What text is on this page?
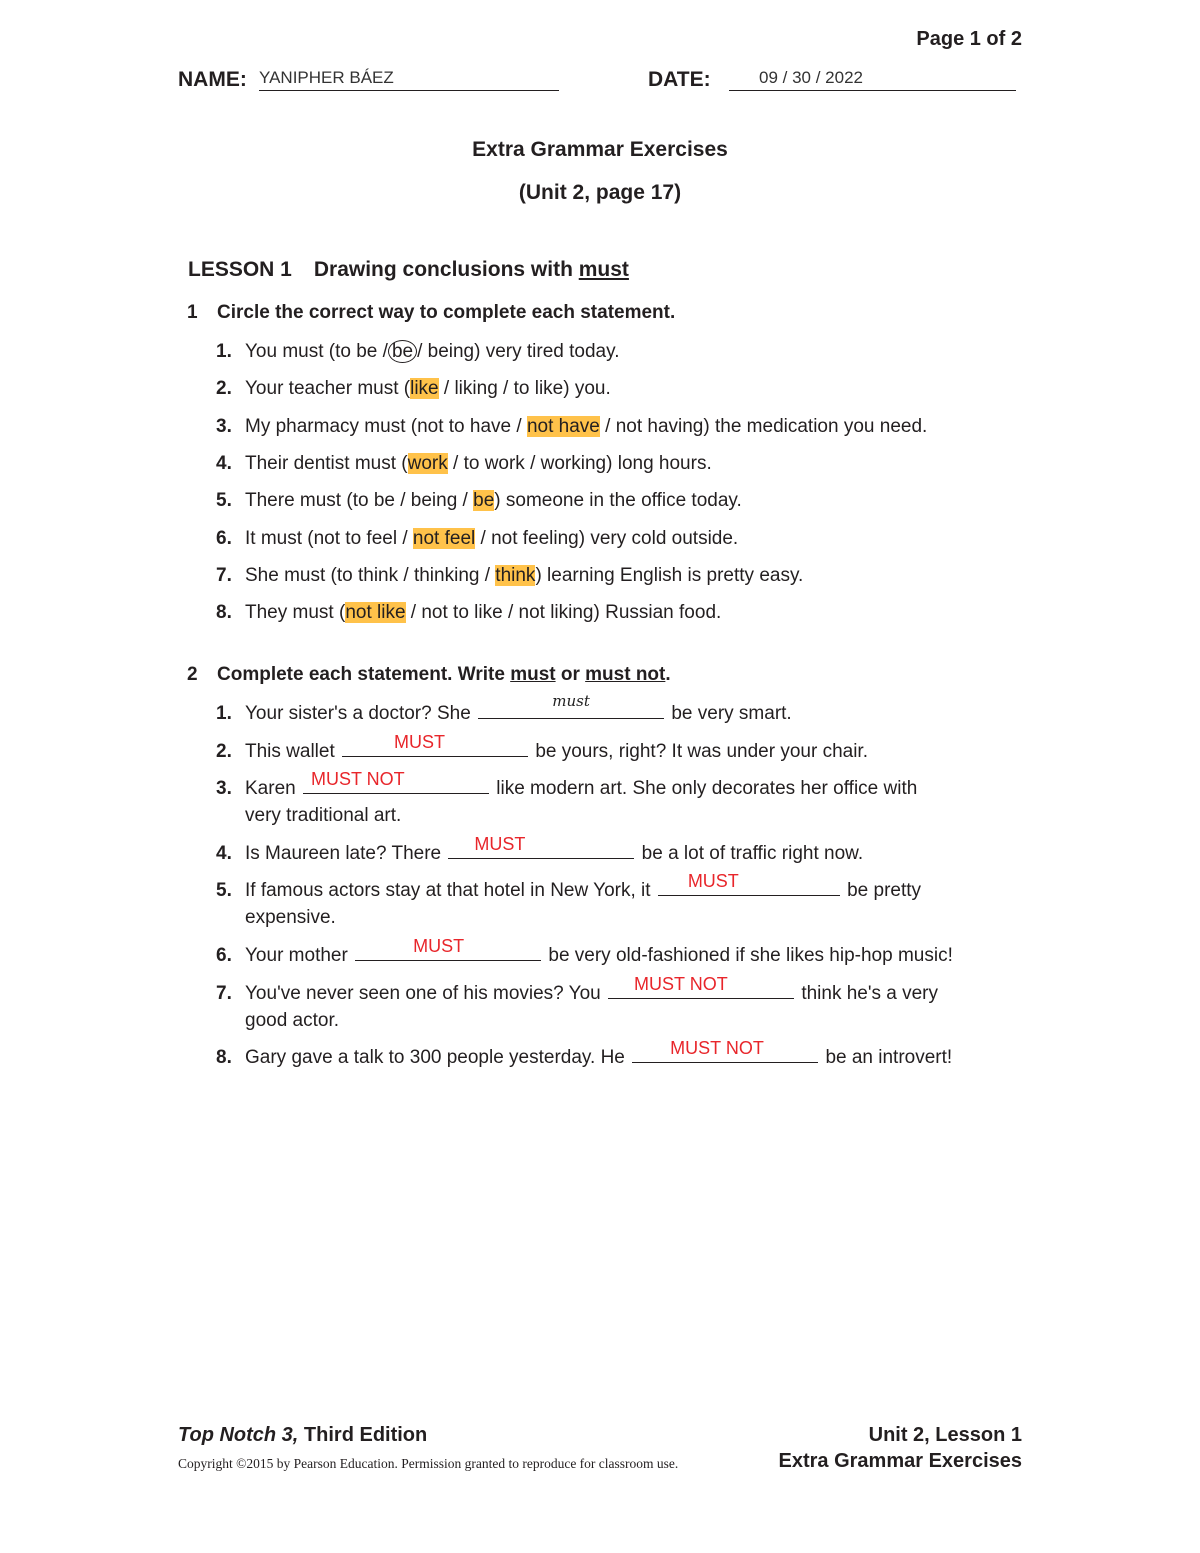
Page 1 of 2
NAME: YANIPHER BÁEZ	DATE:	09 / 30 / 2022
Extra Grammar Exercises
(Unit 2, page 17)
LESSON 1 Drawing conclusions with must
1 Circle the correct way to complete each statement.
1. You must (to be / be / being) very tired today.
2. Your teacher must (like / liking / to like) you.
3. My pharmacy must (not to have / not have / not having) the medication you need.
4. Their dentist must (work / to work / working) long hours.
5. There must (to be / being / be) someone in the office today.
6. It must (not to feel / not feel / not feeling) very cold outside.
7. She must (to think / thinking / think) learning English is pretty easy.
8. They must (not like / not to like / not liking) Russian food.
2 Complete each statement. Write must or must not.
1. Your sister's a doctor? She
must
be very smart.
2. This wallet	MUST	be yours, right? It was under your chair.
3. Karen MUST NOT	like modern art. She only decorates her office with
very traditional art.
4. Is Maureen late? There	MUST	be a lot of traffic right now.
5. If famous actors stay at that hotel in New York, it	MUST	be pretty
expensive.
6. Your mother	MUST	be very old-fashioned if she likes hip-hop music!
7. You've never seen one of his movies? You	MUST NOT	think he's a very
good actor.
8. Gary gave a talk to 300 people yesterday. He	MUST NOT	be an introvert!
Top Notch 3, Third Edition
Copyright ©2015 by Pearson Education. Permission granted to reproduce for classroom use.
Unit 2, Lesson 1
Extra Grammar Exercises
